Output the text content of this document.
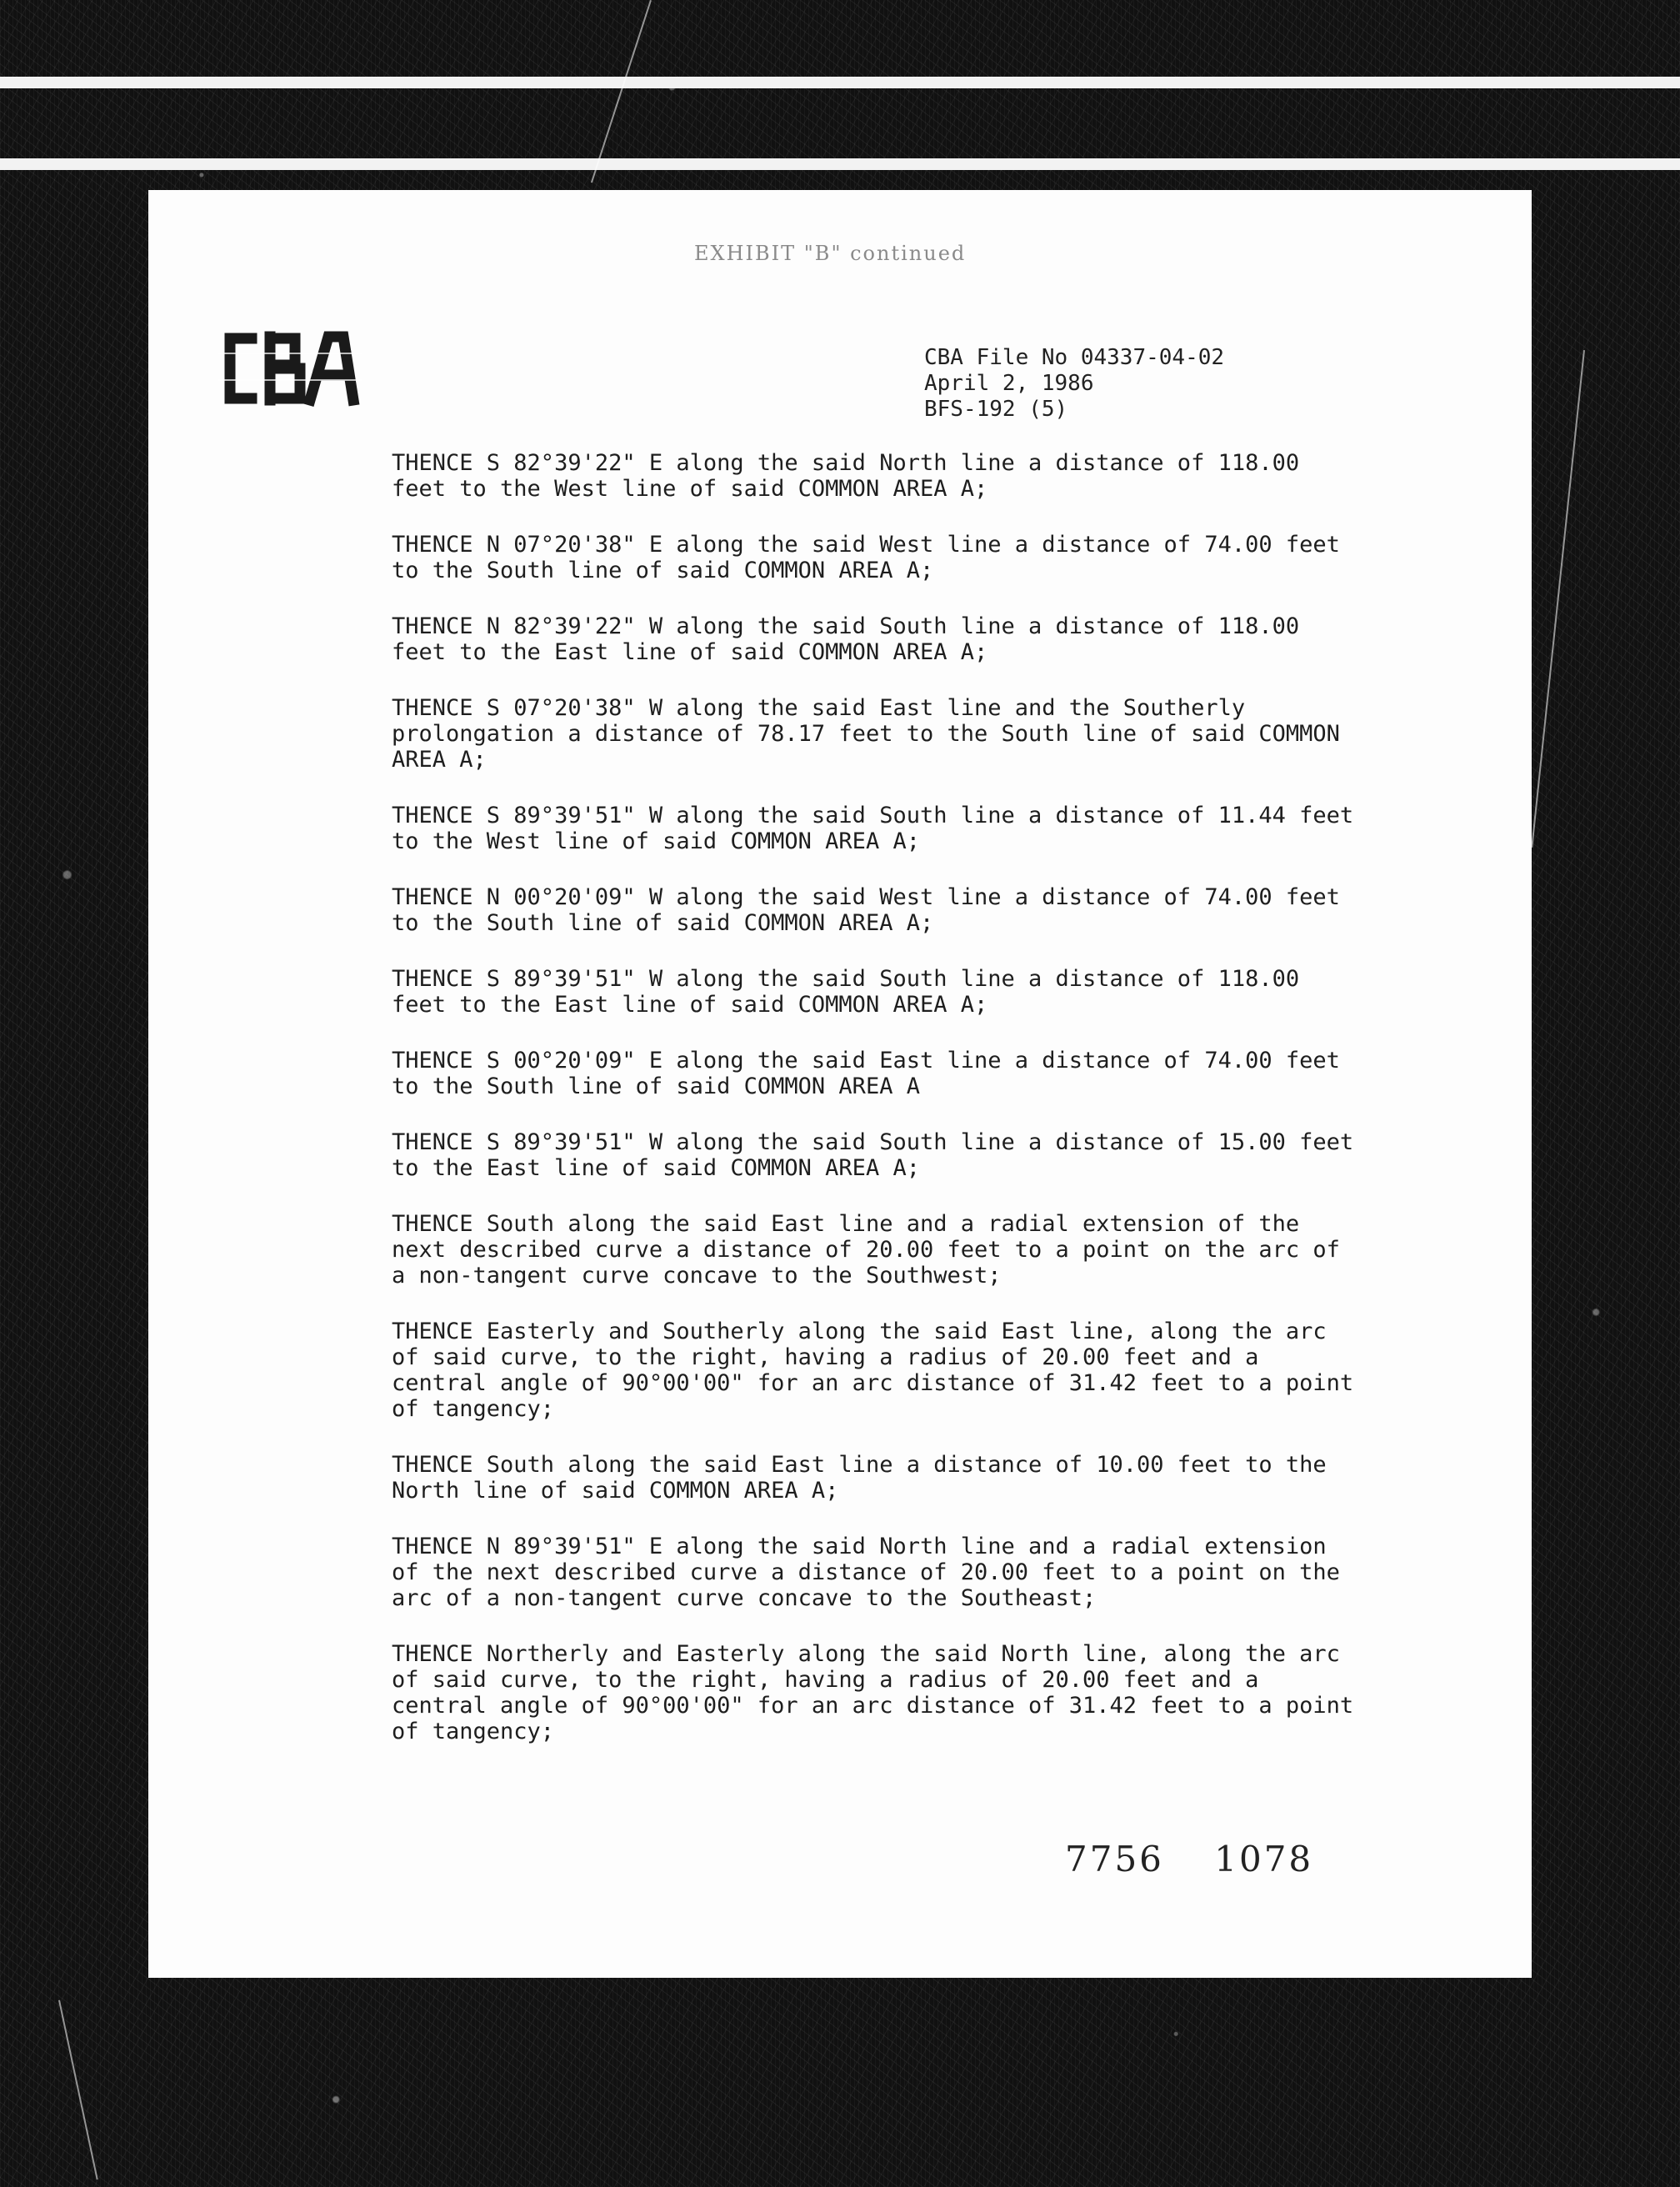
EXHIBIT "B" continued
CBA File No 04337-04-02
April 2, 1986
BFS-192 (5)

THENCE S 82°39'22" E along the said North line a distance of 118.00
feet to the West line of said COMMON AREA A;

THENCE N 07°20'38" E along the said West line a distance of 74.00 feet
to the South line of said COMMON AREA A;

THENCE N 82°39'22" W along the said South line a distance of 118.00
feet to the East line of said COMMON AREA A;

THENCE S 07°20'38" W along the said East line and the Southerly
prolongation a distance of 78.17 feet to the South line of said COMMON
AREA A;

THENCE S 89°39'51" W along the said South line a distance of 11.44 feet
to the West line of said COMMON AREA A;

THENCE N 00°20'09" W along the said West line a distance of 74.00 feet
to the South line of said COMMON AREA A;

THENCE S 89°39'51" W along the said South line a distance of 118.00
feet to the East line of said COMMON AREA A;

THENCE S 00°20'09" E along the said East line a distance of 74.00 feet
to the South line of said COMMON AREA A

THENCE S 89°39'51" W along the said South line a distance of 15.00 feet
to the East line of said COMMON AREA A;

THENCE South along the said East line and a radial extension of the
next described curve a distance of 20.00 feet to a point on the arc of
a non-tangent curve concave to the Southwest;

THENCE Easterly and Southerly along the said East line, along the arc
of said curve, to the right, having a radius of 20.00 feet and a
central angle of 90°00'00" for an arc distance of 31.42 feet to a point
of tangency;

THENCE South along the said East line a distance of 10.00 feet to the
North line of said COMMON AREA A;

THENCE N 89°39'51" E along the said North line and a radial extension
of the next described curve a distance of 20.00 feet to a point on the
arc of a non-tangent curve concave to the Southeast;

THENCE Northerly and Easterly along the said North line, along the arc
of said curve, to the right, having a radius of 20.00 feet and a
central angle of 90°00'00" for an arc distance of 31.42 feet to a point
of tangency;

7756 1078
